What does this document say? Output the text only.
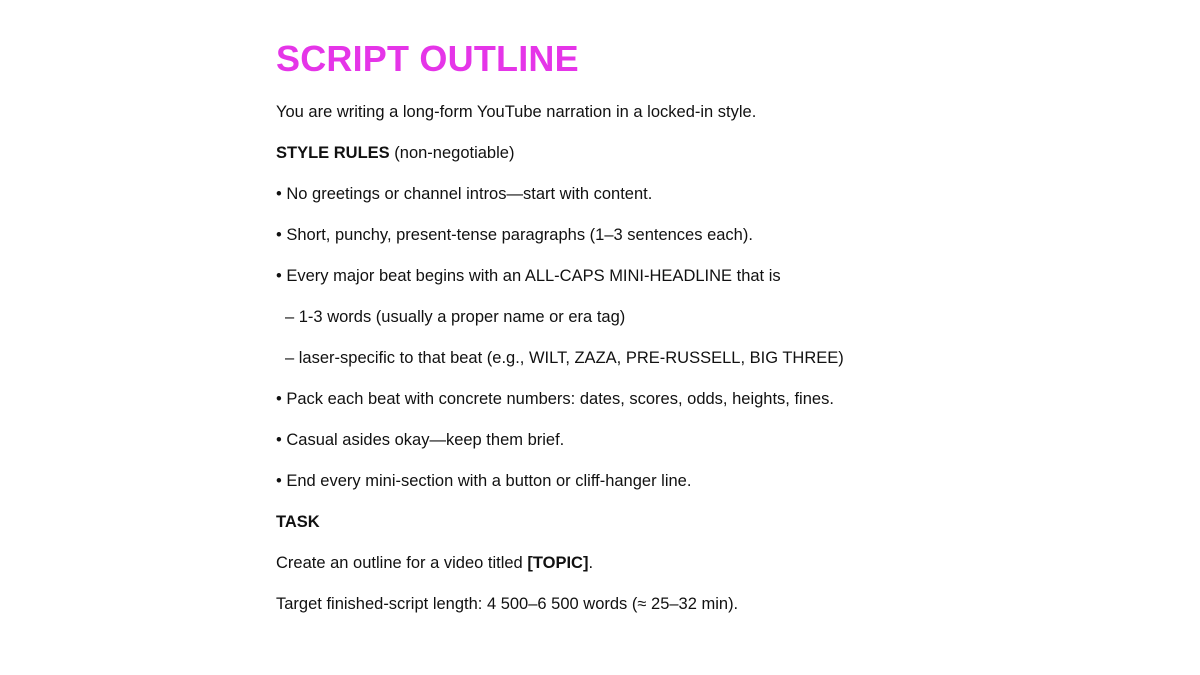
SCRIPT OUTLINE

You are writing a long-form YouTube narration in a locked-in style.

STYLE RULES (non-negotiable)

• No greetings or channel intros—start with content.

• Short, punchy, present-tense paragraphs (1–3 sentences each).

• Every major beat begins with an ALL-CAPS MINI-HEADLINE that is

– 1-3 words (usually a proper name or era tag)

– laser-specific to that beat (e.g., WILT, ZAZA, PRE-RUSSELL, BIG THREE)

• Pack each beat with concrete numbers: dates, scores, odds, heights, fines.

• Casual asides okay—keep them brief.

• End every mini-section with a button or cliff-hanger line.

TASK

Create an outline for a video titled [TOPIC].

Target finished-script length: 4 500–6 500 words (≈ 25–32 min).
